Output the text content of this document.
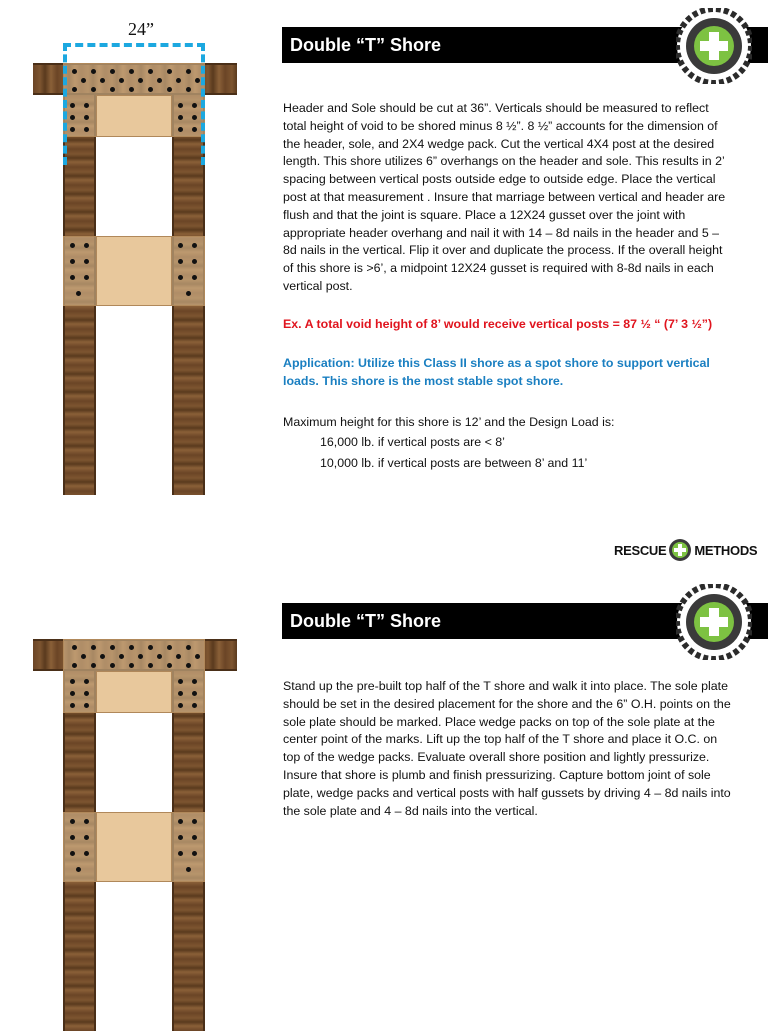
24”
Double “T” Shore
Header and Sole should be cut at 36”. Verticals should be measured to reflect total height of void to be shored minus 8 ½”. 8 ½” accounts for the dimension of the header, sole, and 2X4 wedge pack. Cut the vertical 4X4 post at the desired length. This shore utilizes 6” overhangs on the header and sole. This results in 2’ spacing between vertical posts outside edge to outside edge. Place the vertical post at that measurement . Insure that marriage between vertical and header are flush and that the joint is square. Place a 12X24 gusset over the joint with appropriate header overhang and nail it with 14 – 8d nails in the header and 5 – 8d nails in the vertical. Flip it over and duplicate the process. If the overall height of this shore is >6’, a midpoint 12X24 gusset is required with 8-8d nails in each vertical post.
Ex. A total void height of 8’ would receive vertical posts = 87 ½ “ (7’ 3 ½”)
Application: Utilize this Class II shore as a spot shore to support vertical loads. This shore is the most stable spot shore.
Maximum height for this shore is 12’ and the Design Load is:
16,000 lb. if vertical posts are < 8’
10,000 lb. if vertical posts are between 8’ and 11’
RESCUE METHODS
Double “T” Shore
Stand up the pre-built top half of the T shore and walk it into place. The sole plate should be set in the desired placement for the shore and the 6” O.H. points on the sole plate should be marked. Place wedge packs on top of the sole plate at the center point of the marks. Lift up the top half of the T shore and place it O.C. on top of the wedge packs. Evaluate overall shore position and lightly pressurize. Insure that shore is plumb and finish pressurizing. Capture bottom joint of sole plate, wedge packs and vertical posts with half gussets by driving 4 – 8d nails into the sole plate and 4 – 8d nails into the vertical.
